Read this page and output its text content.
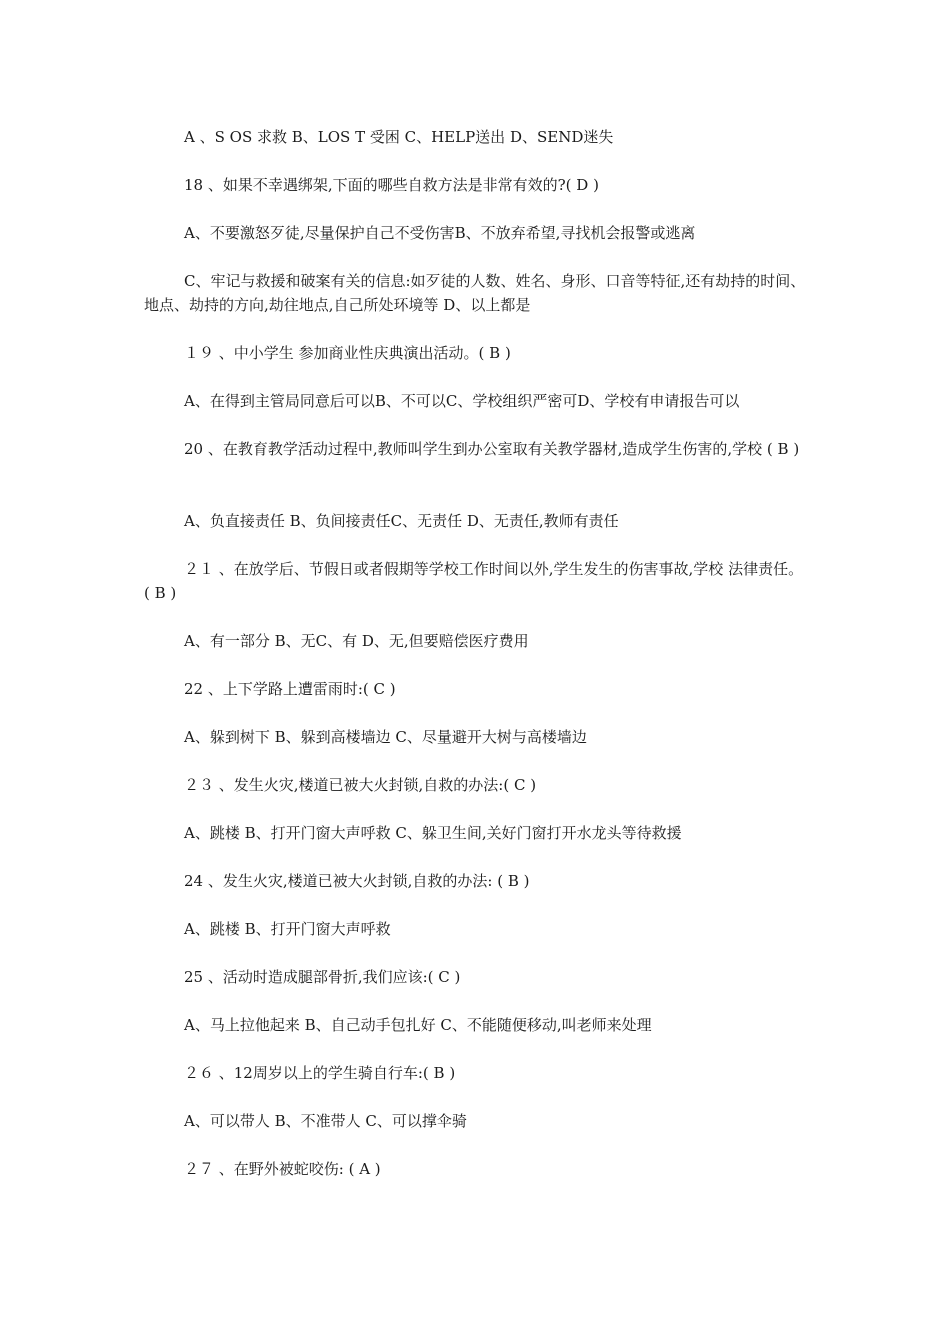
A 、S OS 求救 B、LOS T 受困 C、HELP送出 D、SEND迷失
18 、如果不幸遇绑架,下面的哪些自救方法是非常有效的?( D )
A、不要激怒歹徒,尽量保护自己不受伤害B、不放弃希望,寻找机会报警或逃离
C、牢记与救援和破案有关的信息:如歹徒的人数、姓名、身形、口音等特征,还有劫持的时间、地点、劫持的方向,劫往地点,自己所处环境等 D、以上都是
１９ 、中小学生 参加商业性庆典演出活动。( B )
A、在得到主管局同意后可以B、不可以C、学校组织严密可D、学校有申请报告可以
20 、在教育教学活动过程中,教师叫学生到办公室取有关教学器材,造成学生伤害的,学校 ( B )
A、负直接责任 B、负间接责任C、无责任 D、无责任,教师有责任
２１ 、在放学后、节假日或者假期等学校工作时间以外,学生发生的伤害事故,学校 法律责任。( B )
A、有一部分 B、无C、有 D、无,但要赔偿医疗费用
22 、上下学路上遭雷雨时:( C )
A、躲到树下 B、躲到高楼墙边 C、尽量避开大树与高楼墙边
２３ 、发生火灾,楼道已被大火封锁,自救的办法:( C )
A、跳楼 B、打开门窗大声呼救 C、躲卫生间,关好门窗打开水龙头等待救援
24 、发生火灾,楼道已被大火封锁,自救的办法: ( B )
A、跳楼 B、打开门窗大声呼救
25 、活动时造成腿部骨折,我们应该:( C )
A、马上拉他起来 B、自己动手包扎好 C、不能随便移动,叫老师来处理
２６ 、12周岁以上的学生骑自行车:( B )
A、可以带人 B、不准带人 C、可以撑伞骑
２７ 、在野外被蛇咬伤: ( A )
